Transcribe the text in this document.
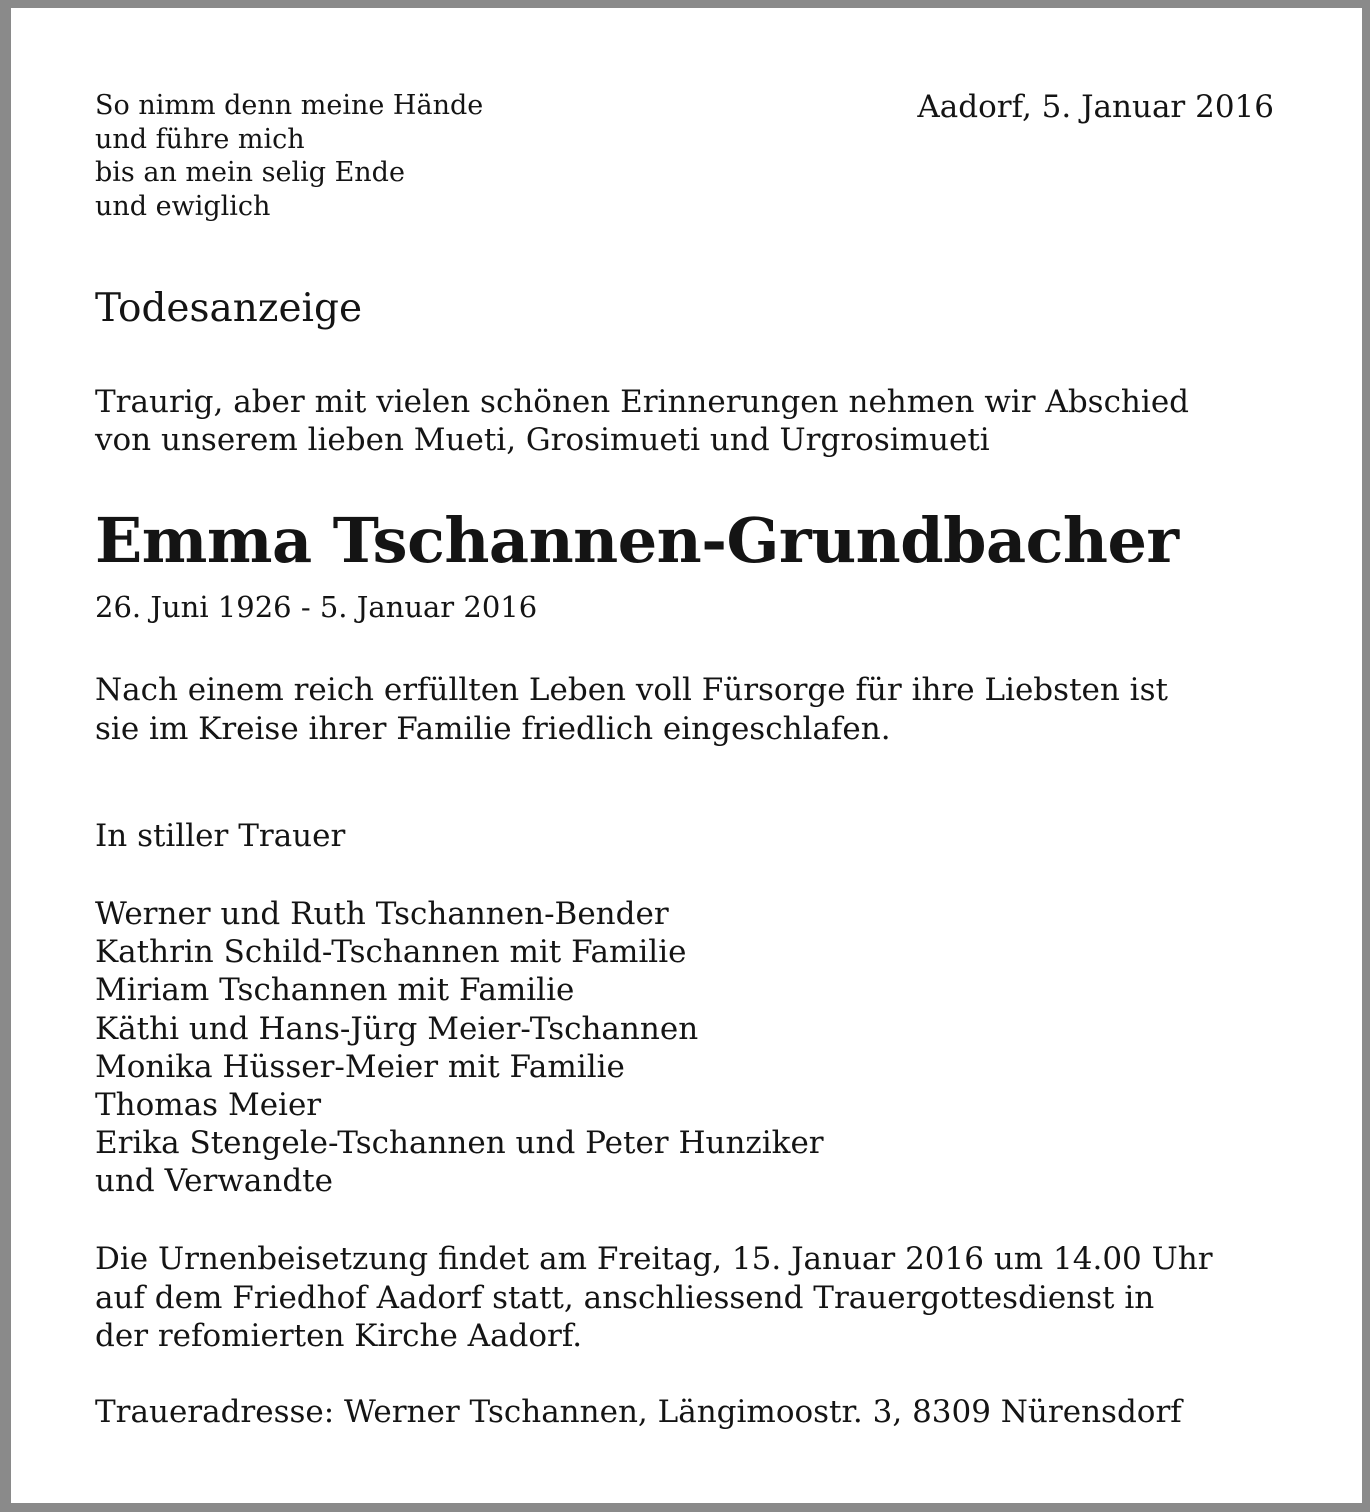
So nimm denn meine Hände
und führe mich
bis an mein selig Ende
und ewiglich
Aadorf, 5. Januar 2016
Todesanzeige
Traurig, aber mit vielen schönen Erinnerungen nehmen wir Abschied
von unserem lieben Mueti, Grosimueti und Urgrosimueti
Emma Tschannen-Grundbacher
26. Juni 1926 - 5. Januar 2016
Nach einem reich erfüllten Leben voll Fürsorge für ihre Liebsten ist
sie im Kreise ihrer Familie friedlich eingeschlafen.
In stiller Trauer
Werner und Ruth Tschannen-Bender
Kathrin Schild-Tschannen mit Familie
Miriam Tschannen mit Familie
Käthi und Hans-Jürg Meier-Tschannen
Monika Hüsser-Meier mit Familie
Thomas Meier
Erika Stengele-Tschannen und Peter Hunziker
und Verwandte
Die Urnenbeisetzung findet am Freitag, 15. Januar 2016 um 14.00 Uhr
auf dem Friedhof Aadorf statt, anschliessend Trauergottesdienst in
der refomierten Kirche Aadorf.
Traueradresse: Werner Tschannen, Längimoostr. 3, 8309 Nürensdorf
